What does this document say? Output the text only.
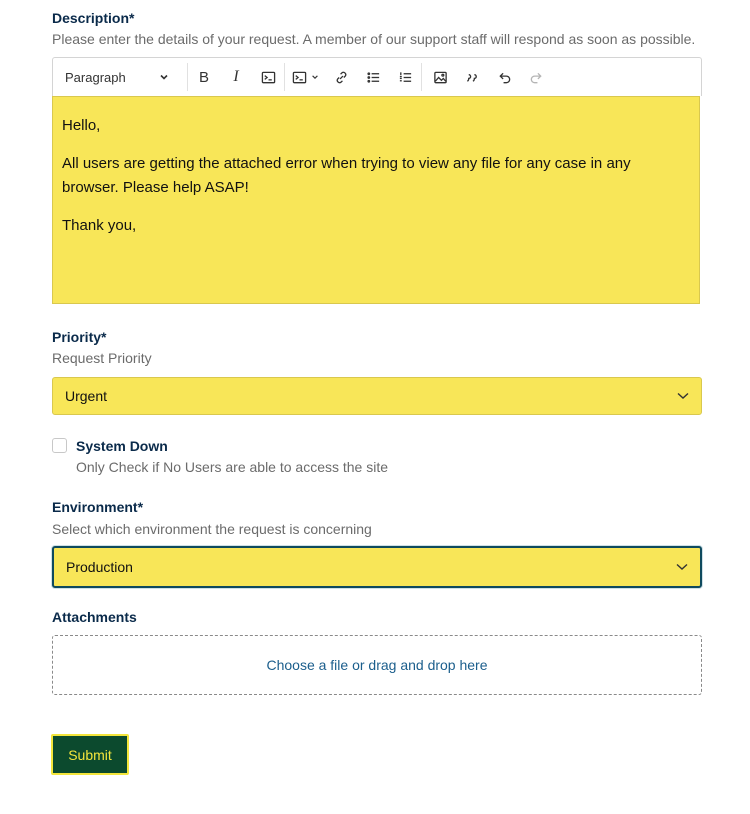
Description*
Please enter the details of your request. A member of our support staff will respond as soon as possible.
Paragraph	B I

Hello,

All users are getting the attached error when trying to view any file for any case in any browser. Please help ASAP!

Thank you,

Priority*
Request Priority
Urgent
System Down
Only Check if No Users are able to access the site
Environment*
Select which environment the request is concerning
Production
Attachments
Choose a file or drag and drop here
Submit
